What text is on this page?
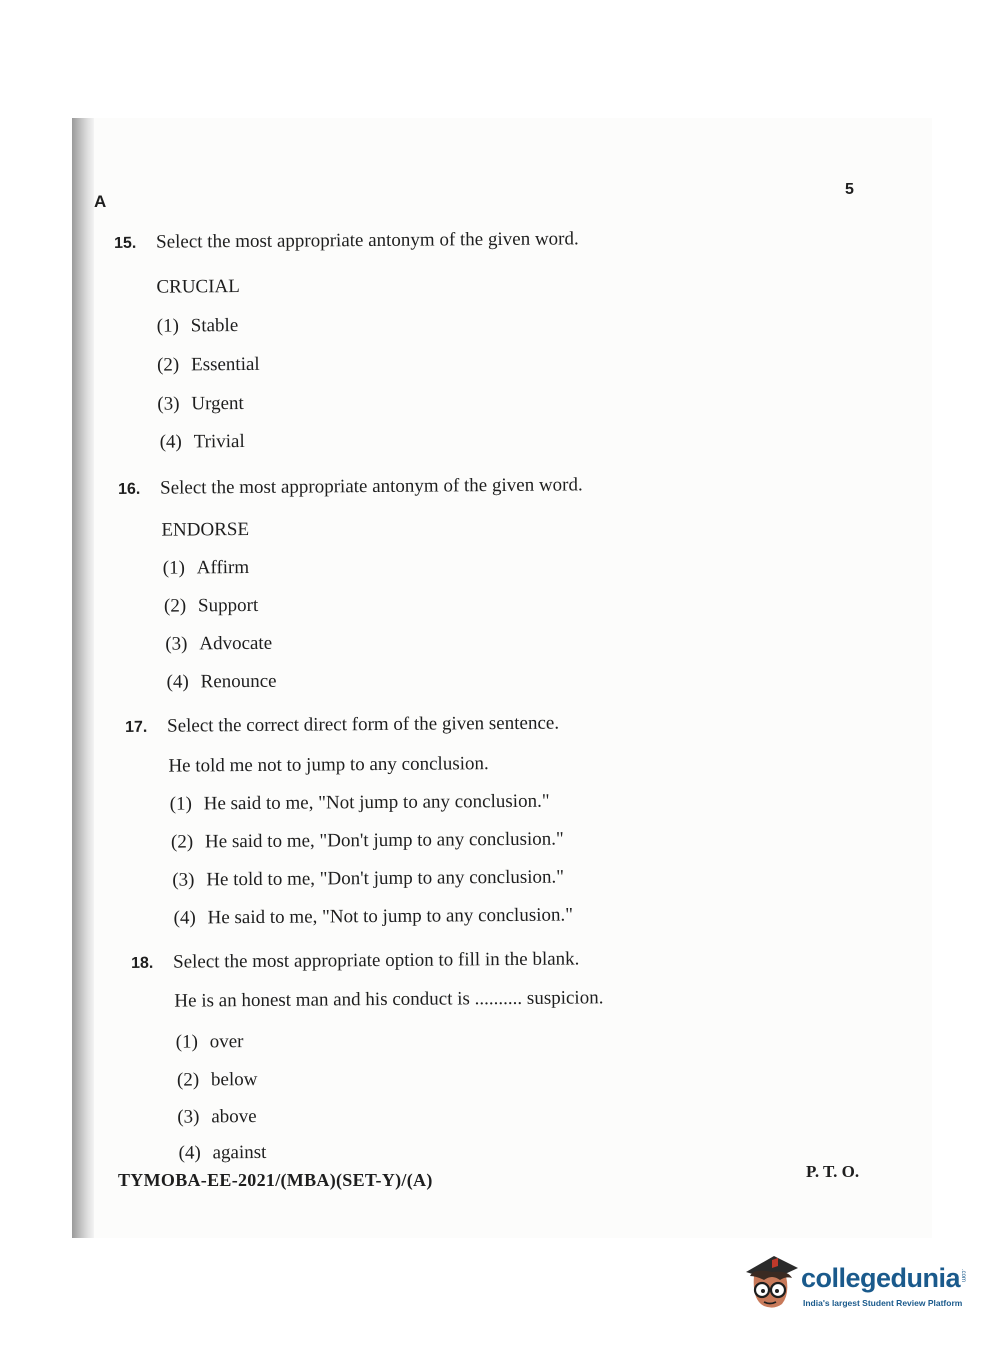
A
5
15.	Select the most appropriate antonym of the given word.
CRUCIAL
(1) Stable
(2) Essential
(3) Urgent
(4) Trivial
16.	Select the most appropriate antonym of the given word.
ENDORSE
(1) Affirm
(2) Support
(3) Advocate
(4) Renounce
17.	Select the correct direct form of the given sentence.
He told me not to jump to any conclusion.
(1) He said to me, "Not jump to any conclusion."
(2) He said to me, "Don't jump to any conclusion."
(3) He told to me, "Don't jump to any conclusion."
(4) He said to me, "Not to jump to any conclusion."
18.	Select the most appropriate option to fill in the blank.
He is an honest man and his conduct is .......... suspicion.
(1) over
(2) below
(3) above
(4) against
TYMOBA-EE-2021/(MBA)(SET-Y)/(A)	P. T. O.
collegedunia .com
India's largest Student Review Platform
